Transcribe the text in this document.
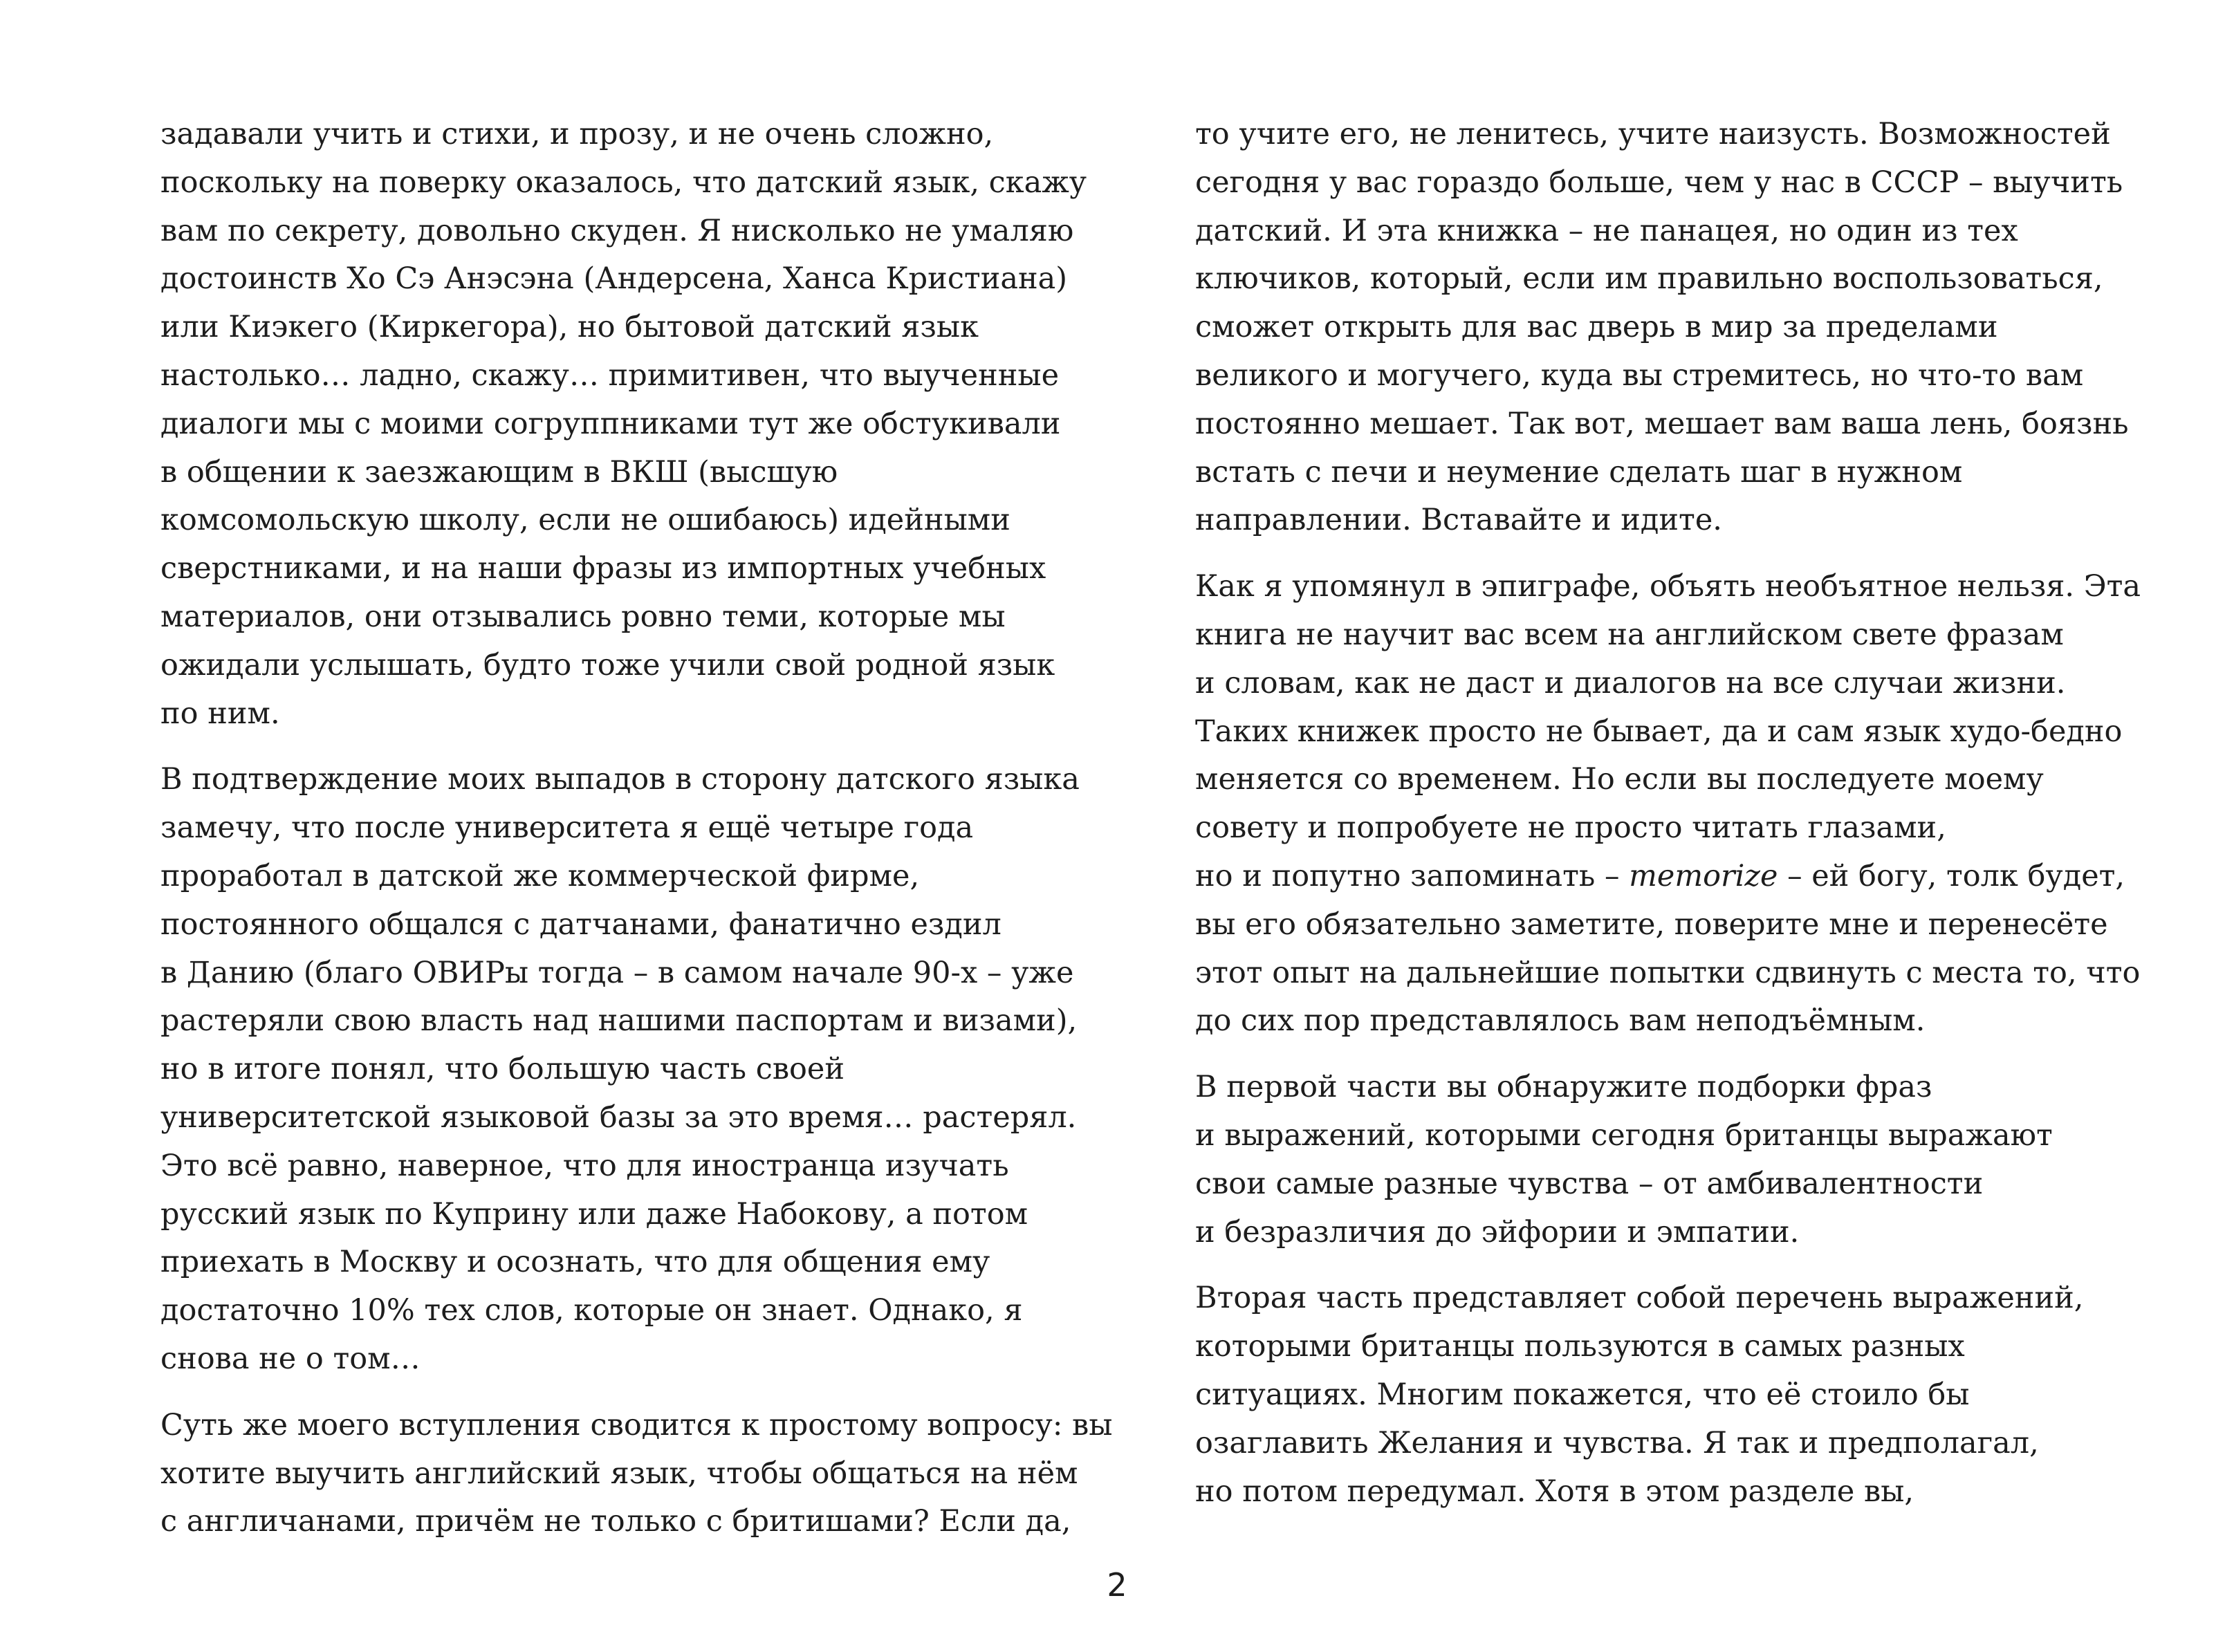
задавали учить и стихи, и прозу, и не очень сложно,
поскольку на поверку оказалось, что датский язык, скажу
вам по секрету, довольно скуден. Я нисколько не умаляю
достоинств Хо Сэ Анэсэна (Андерсена, Ханса Кристиана)
или Киэкего (Киркегора), но бытовой датский язык
настолько… ладно, скажу… примитивен, что выученные
диалоги мы с моими согруппниками тут же обстукивали
в общении к заезжающим в ВКШ (высшую
комсомольскую школу, если не ошибаюсь) идейными
сверстниками, и на наши фразы из импортных учебных
материалов, они отзывались ровно теми, которые мы
ожидали услышать, будто тоже учили свой родной язык
по ним.
В подтверждение моих выпадов в сторону датского языка
замечу, что после университета я ещё четыре года
проработал в датской же коммерческой фирме,
постоянного общался с датчанами, фанатично ездил
в Данию (благо ОВИРы тогда – в самом начале 90-х – уже
растеряли свою власть над нашими паспортам и визами),
но в итоге понял, что большую часть своей
университетской языковой базы за это время… растерял.
Это всё равно, наверное, что для иностранца изучать
русский язык по Куприну или даже Набокову, а потом
приехать в Москву и осознать, что для общения ему
достаточно 10% тех слов, которые он знает. Однако, я
снова не о том…
Суть же моего вступления сводится к простому вопросу: вы
хотите выучить английский язык, чтобы общаться на нём
с англичанами, причём не только с бритишами? Если да,
то учите его, не ленитесь, учите наизусть. Возможностей
сегодня у вас гораздо больше, чем у нас в СССР – выучить
датский. И эта книжка – не панацея, но один из тех
ключиков, который, если им правильно воспользоваться,
сможет открыть для вас дверь в мир за пределами
великого и могучего, куда вы стремитесь, но что-то вам
постоянно мешает. Так вот, мешает вам ваша лень, боязнь
встать с печи и неумение сделать шаг в нужном
направлении. Вставайте и идите.
Как я упомянул в эпиграфе, объять необъятное нельзя. Эта
книга не научит вас всем на английском свете фразам
и словам, как не даст и диалогов на все случаи жизни.
Таких книжек просто не бывает, да и сам язык худо-бедно
меняется со временем. Но если вы последуете моему
совету и попробуете не просто читать глазами,
но и попутно запоминать – memorize – ей богу, толк будет,
вы его обязательно заметите, поверите мне и перенесёте
этот опыт на дальнейшие попытки сдвинуть с места то, что
до сих пор представлялось вам неподъёмным.
В первой части вы обнаружите подборки фраз
и выражений, которыми сегодня британцы выражают
свои самые разные чувства – от амбивалентности
и безразличия до эйфории и эмпатии.
Вторая часть представляет собой перечень выражений,
которыми британцы пользуются в самых разных
ситуациях. Многим покажется, что её стоило бы
озаглавить Желания и чувства. Я так и предполагал,
но потом передумал. Хотя в этом разделе вы,
2
